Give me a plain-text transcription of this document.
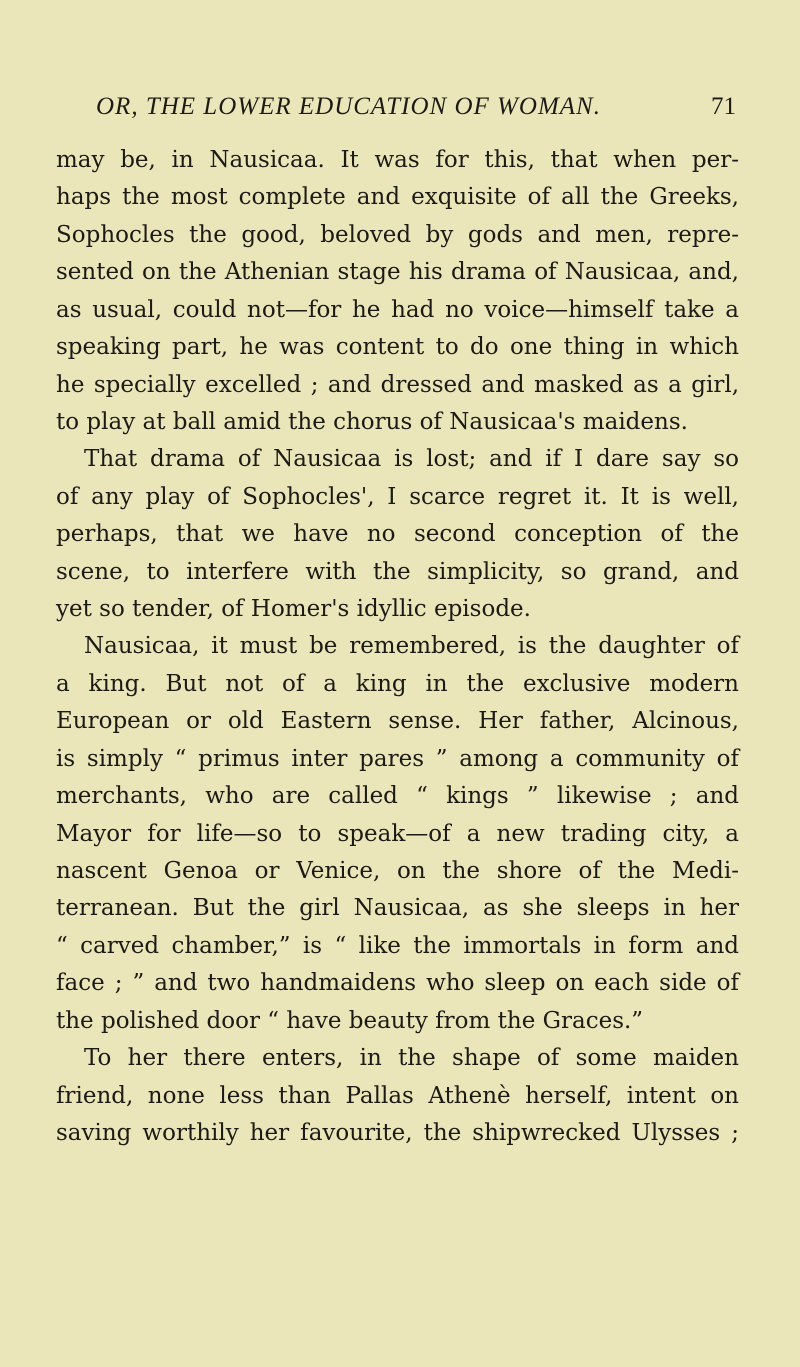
OR, THE LOWER EDUCATION OF WOMAN.	71
may be, in Nausicaa. It was for this, that when per-
haps the most complete and exquisite of all the Greeks,
Sophocles the good, beloved by gods and men, repre-
sented on the Athenian stage his drama of Nausicaa, and,
as usual, could not—for he had no voice—himself take a
speaking part, he was content to do one thing in which
he specially excelled ; and dressed and masked as a girl,
to play at ball amid the chorus of Nausicaa's maidens.
That drama of Nausicaa is lost; and if I dare say so
of any play of Sophocles', I scarce regret it. It is well,
perhaps, that we have no second conception of the
scene, to interfere with the simplicity, so grand, and
yet so tender, of Homer's idyllic episode.
Nausicaa, it must be remembered, is the daughter of
a king. But not of a king in the exclusive modern
European or old Eastern sense. Her father, Alcinous,
is simply “ primus inter pares ” among a community of
merchants, who are called “ kings ” likewise ; and
Mayor for life—so to speak—of a new trading city, a
nascent Genoa or Venice, on the shore of the Medi-
terranean. But the girl Nausicaa, as she sleeps in her
“ carved chamber,” is “ like the immortals in form and
face ; ” and two handmaidens who sleep on each side of
the polished door “ have beauty from the Graces.”
To her there enters, in the shape of some maiden
friend, none less than Pallas Athenè herself, intent on
saving worthily her favourite, the shipwrecked Ulysses ;
